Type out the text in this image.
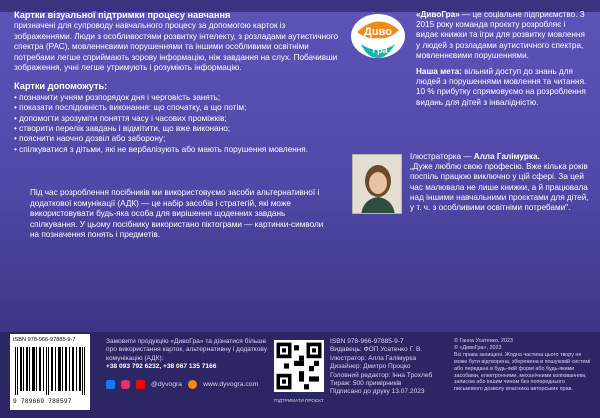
Картки візуальної підтримки процесу навчання

призначені для супроводу навчального процесу за допомогою карток із зображеннями. Люди з особливостями розвитку інтелекту, з розладами аутистичного спектра (РАС), мовленнєвими порушеннями та іншими особливими освітніми потребами легше сприймають зорову інформацію, ніж завдання на слух. Побачивши зображення, учні легше утримують і розуміють інформацію.

Картки допоможуть:
• позначити учням розпорядок дня і черговість занять;
• показати послідовність виконання: що спочатку, а що потім;
• допомогти зрозуміти поняття часу і часових проміжків;
• створити перелік завдань і відмітити, що вже виконано;
• пояснити наочно дозвіл або заборону;
• спілкуватися з дітьми, які не вербалізують або мають порушення мовлення.
Під час розроблення посібників ми використовуємо засоби альтернативної і додаткової комунікації (АДК) — це набір засобів і стратегій, які може використовувати будь-яка особа для вирішення щоденних завдань спілкування. У цьому посібнику використано піктограми — картинки-символи на позначення понять і предметів.
Дuво
Гра

«ДивоГра» — це соціальне підприємство. З 2015 року команда проєкту розробляє і видає книжки та ігри для розвитку мовлення у людей з розладами аутистичного спектра, мовленнєвими порушеннями.

Наша мета: вільний доступ до знань для людей з порушеннями мовлення та читання. 10 % прибутку спрямовуємо на розроблення видань для дітей з інвалідністю.

Ілюстраторка — Алла Галімурка.
„Дуже люблю свою професію. Вже кілька років поспіль працюю виключно у цій сфері. За цей час малювала не лише книжки, а й працювала над іншими навчальними проєктами для дітей, у т. ч. з особливими освітніми потребами".
ISBN 978-966-97885-9-7
9 789669 788597
Замовити продукцію «ДивоГра» та дізнатися більше про використання карток, альтернативну і додаткову комунікацію (АДК):
+38 093 792 6232, +38 067 135 7166
@dyvogra	www.dyvogra.com
ПІДТРИМАТИ ПРОЄКТ
ISBN 978-966-97885-9-7
Видавець: ФОП Усатенко Г. В.
Ілюстратор: Алла Галімурка
Дизайнер: Дмитро Процко
Головний редактор: Інна Трохлеб
Тираж: 500 примірників
Підписано до друку 13.07.2023
© Ганна Усатенко, 2023
© «ДивоГра», 2023
Всі права захищені. Жодна частина цього твору не може бути відтворена, збережена в пошуковій системі або передана в будь-якій формі або будь-якими засобами, електронними, механічними копіюванням, записом або іншим чином без попереднього письмового дозволу власника авторських прав.
